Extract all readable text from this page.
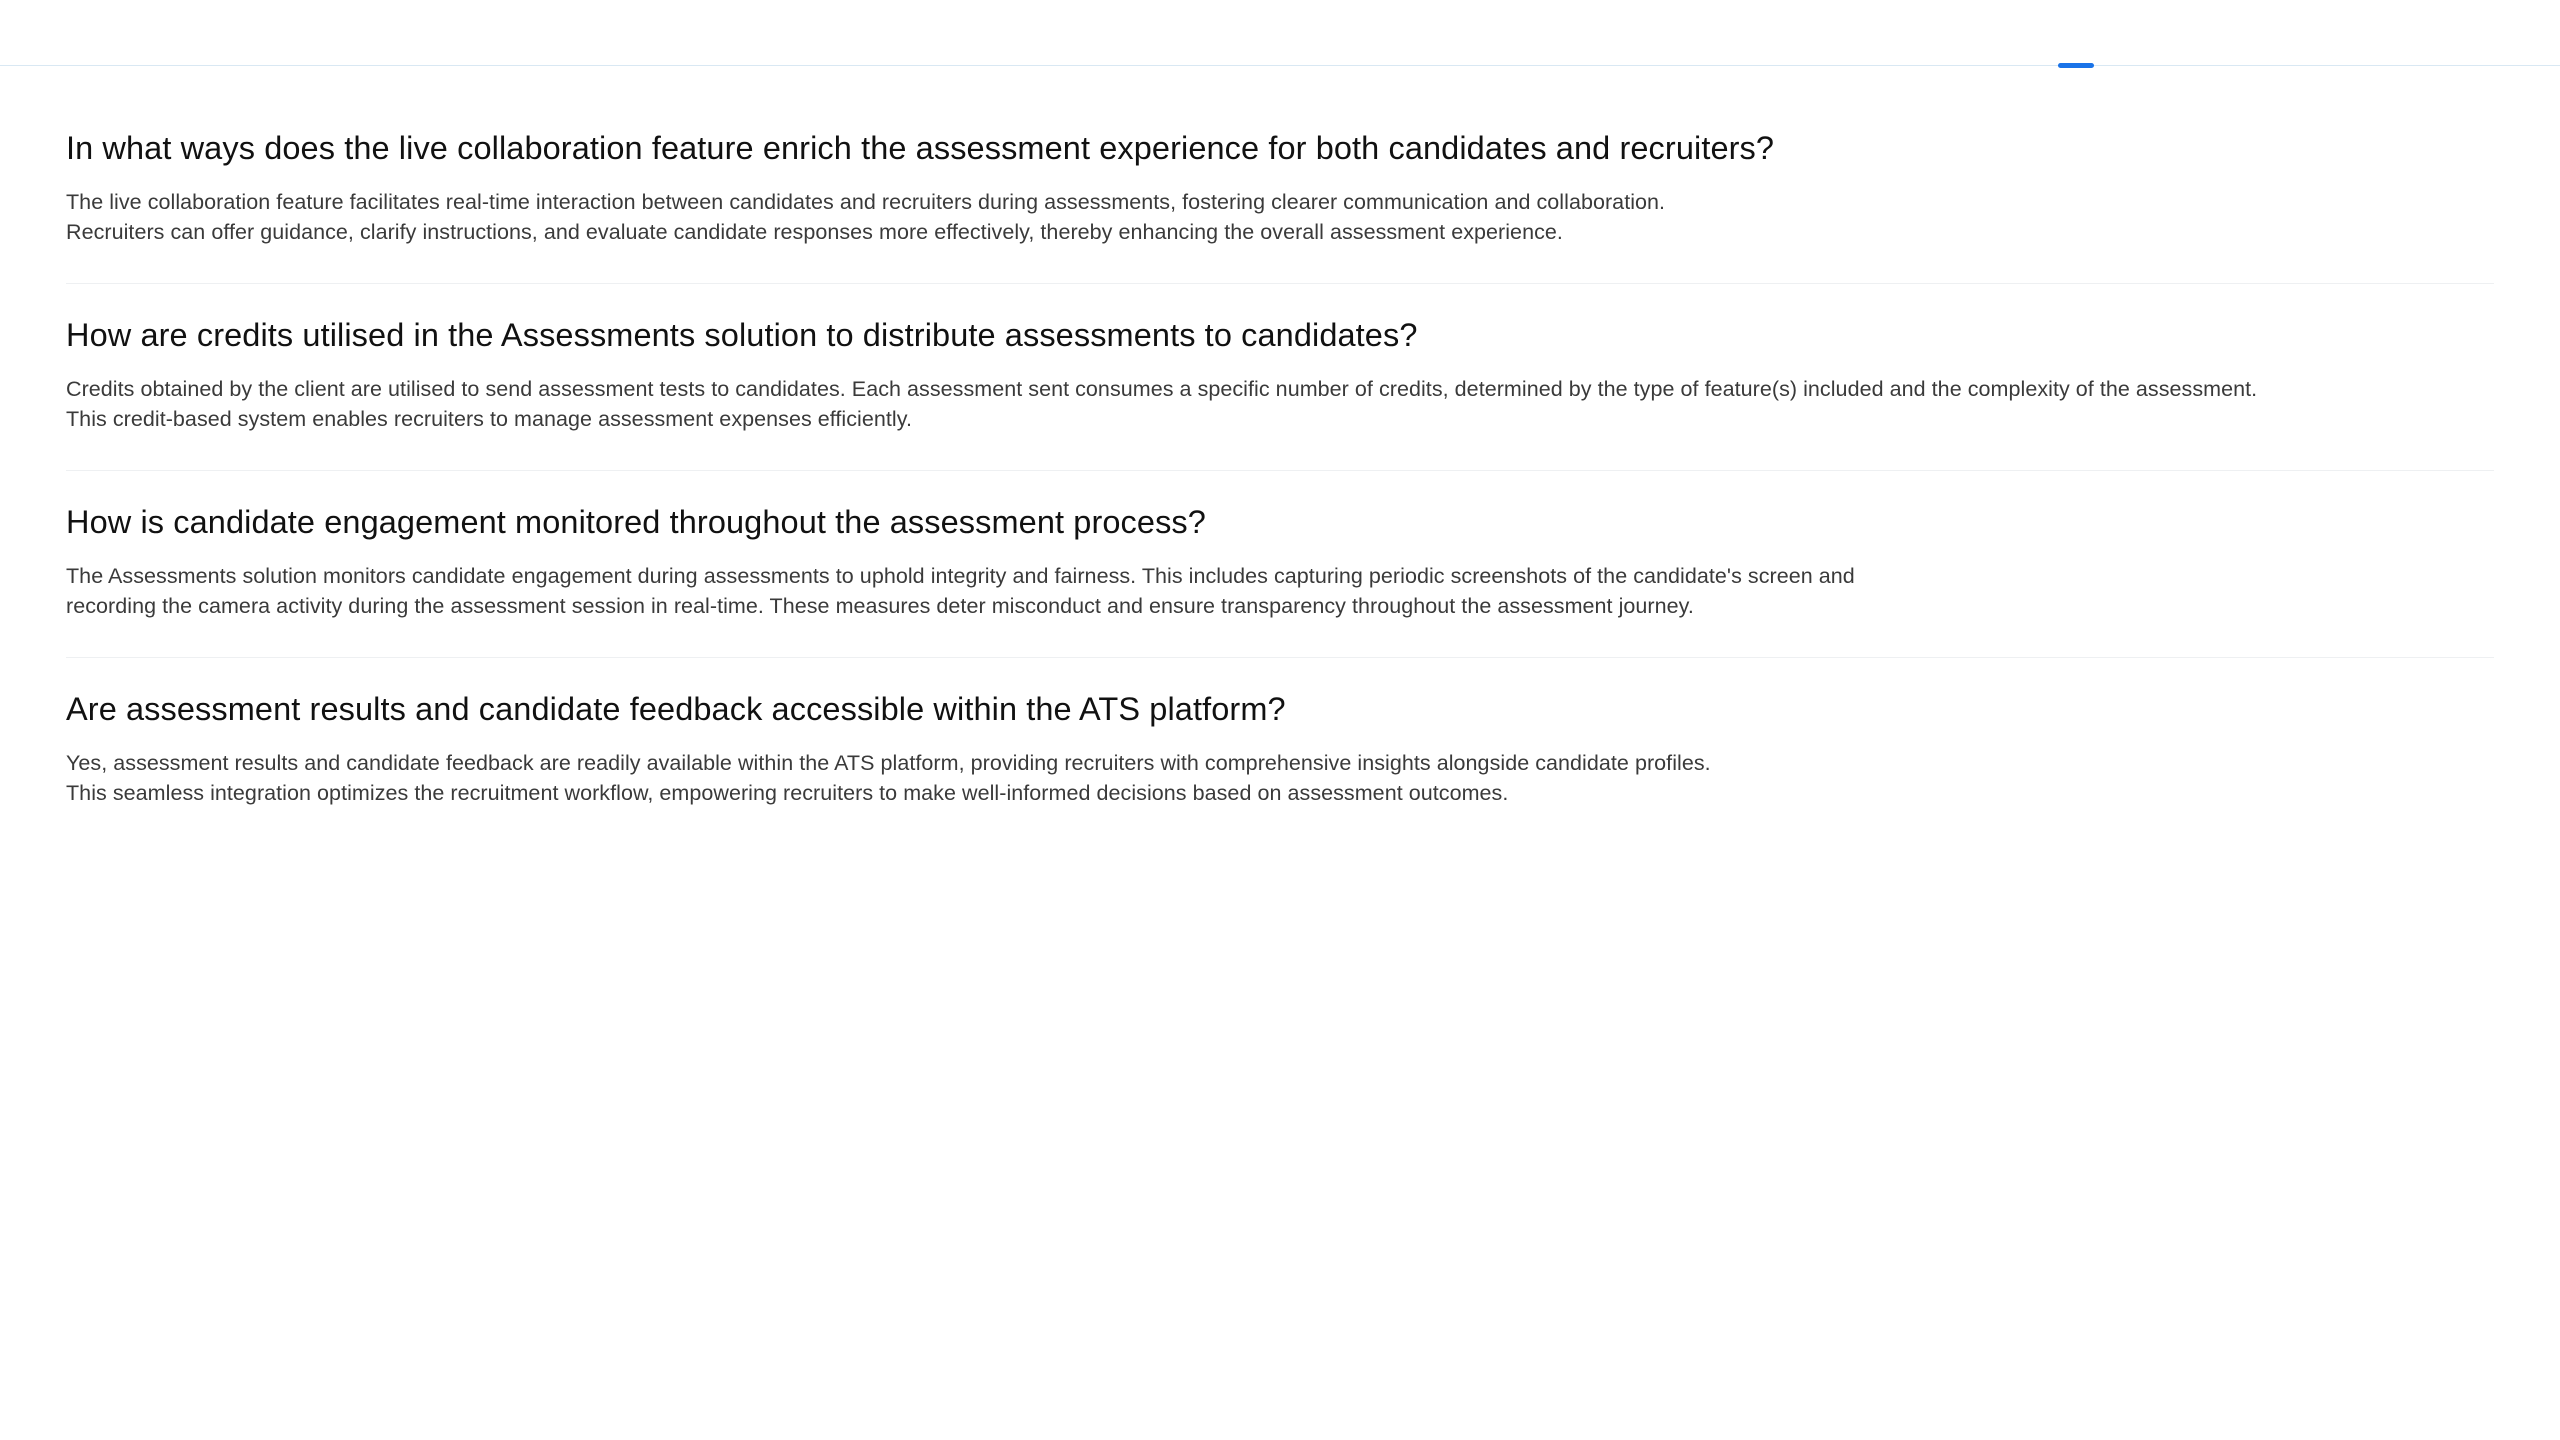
In what ways does the live collaboration feature enrich the assessment experience for both candidates and recruiters?

The live collaboration feature facilitates real-time interaction between candidates and recruiters during assessments, fostering clearer communication and collaboration.
Recruiters can offer guidance, clarify instructions, and evaluate candidate responses more effectively, thereby enhancing the overall assessment experience.

How are credits utilised in the Assessments solution to distribute assessments to candidates?

Credits obtained by the client are utilised to send assessment tests to candidates. Each assessment sent consumes a specific number of credits, determined by the type of feature(s) included and the complexity of the assessment.
This credit-based system enables recruiters to manage assessment expenses efficiently.

How is candidate engagement monitored throughout the assessment process?

The Assessments solution monitors candidate engagement during assessments to uphold integrity and fairness. This includes capturing periodic screenshots of the candidate's screen and
recording the camera activity during the assessment session in real-time. These measures deter misconduct and ensure transparency throughout the assessment journey.

Are assessment results and candidate feedback accessible within the ATS platform?

Yes, assessment results and candidate feedback are readily available within the ATS platform, providing recruiters with comprehensive insights alongside candidate profiles.
This seamless integration optimizes the recruitment workflow, empowering recruiters to make well-informed decisions based on assessment outcomes.
